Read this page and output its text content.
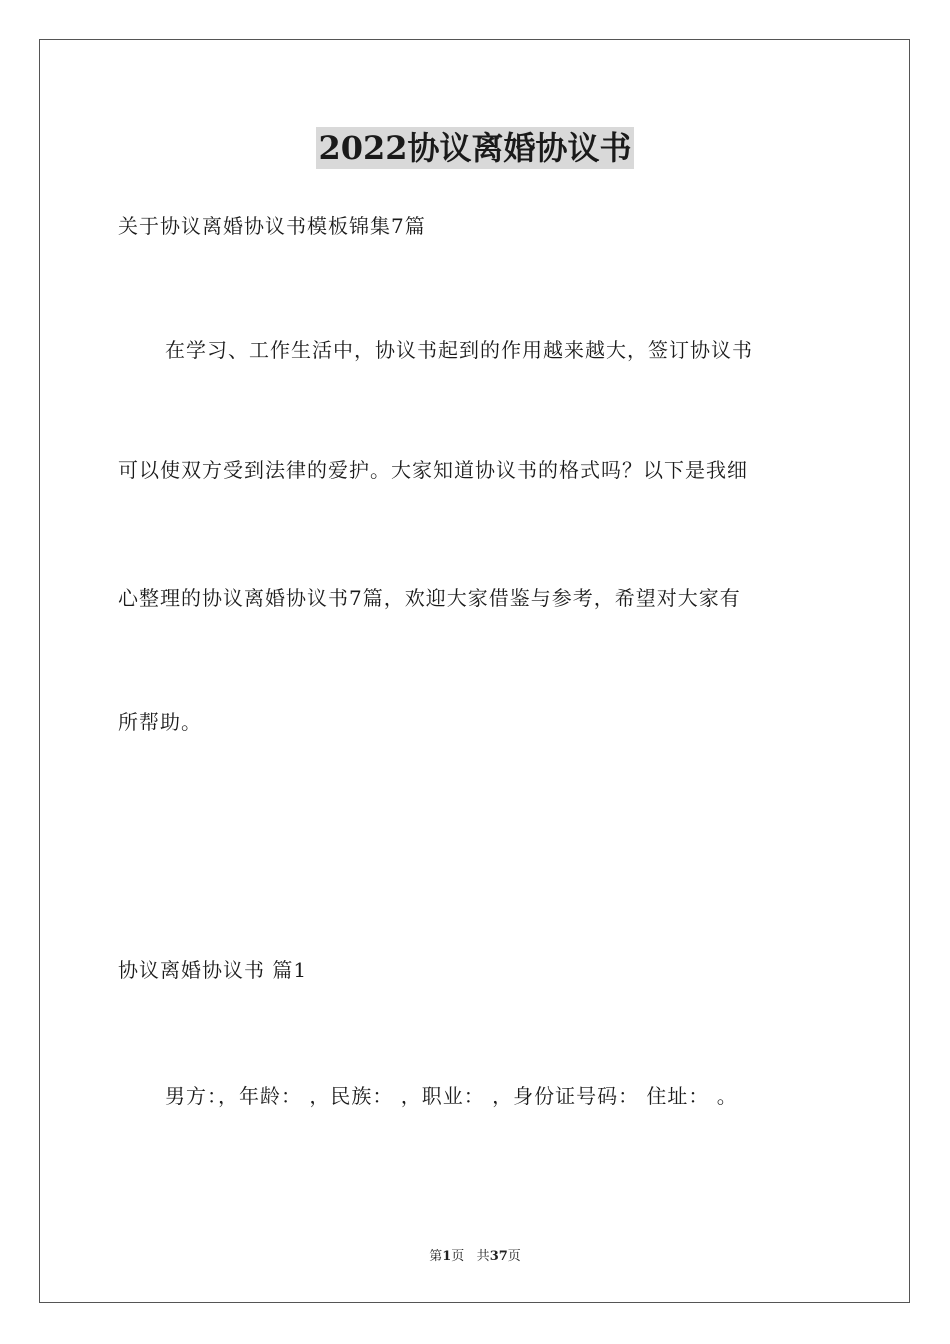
2022协议离婚协议书
关于协议离婚协议书模板锦集7篇
在学习、工作生活中，协议书起到的作用越来越大，签订协议书
可以使双方受到法律的爱护。大家知道协议书的格式吗？以下是我细
心整理的协议离婚协议书7篇，欢迎大家借鉴与参考，希望对大家有
所帮助。
协议离婚协议书 篇1
男方：，年龄： ，民族： ，职业： ，身份证号码： 住址： 。
第1页 共37页
